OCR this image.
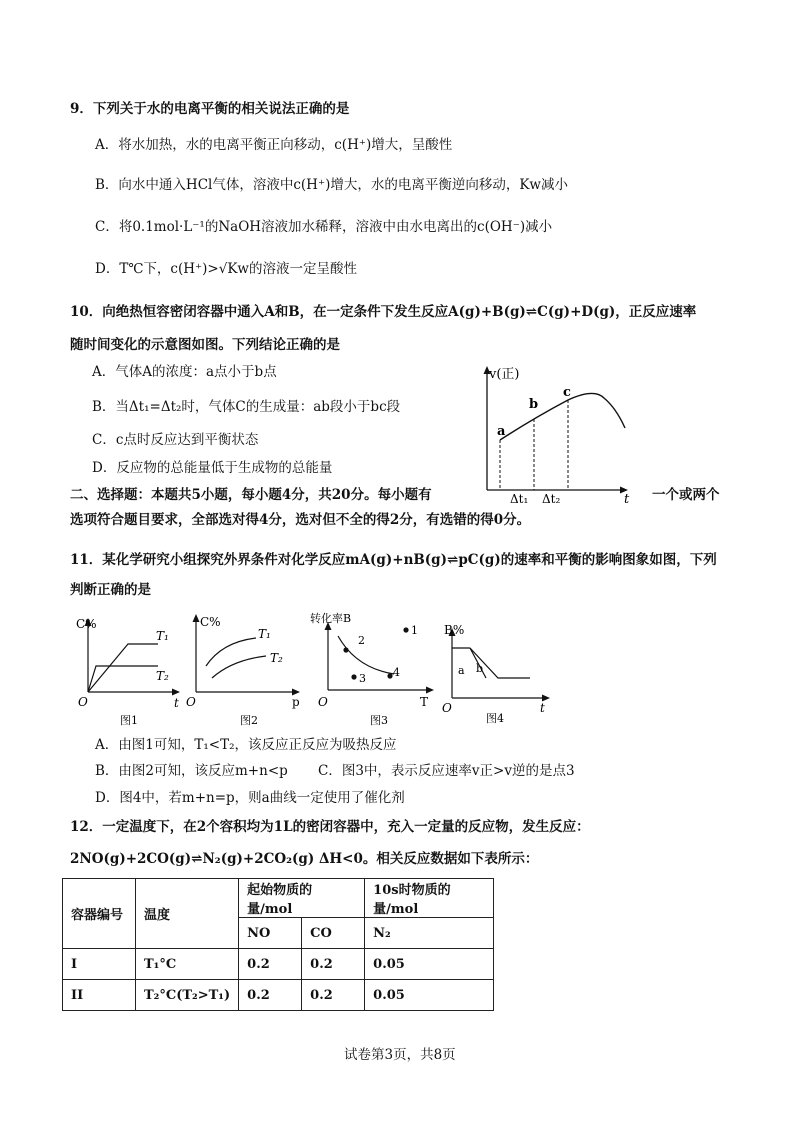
9．下列关于水的电离平衡的相关说法正确的是
A．将水加热，水的电离平衡正向移动，c(H⁺)增大，呈酸性
B．向水中通入HCl气体，溶液中c(H⁺)增大，水的电离平衡逆向移动，Kw减小
C．将0.1mol·L⁻¹的NaOH溶液加水稀释，溶液中由水电离出的c(OH⁻)减小
D．T℃下，c(H⁺)>√Kw的溶液一定呈酸性
10．向绝热恒容密闭容器中通入A和B，在一定条件下发生反应A(g)+B(g)⇌C(g)+D(g)，正反应速率
随时间变化的示意图如图。下列结论正确的是
A．气体A的浓度：a点小于b点
B．当Δt₁=Δt₂时，气体C的生成量：ab段小于bc段
C．c点时反应达到平衡状态
D．反应物的总能量低于生成物的总能量
v(正)
a
b
c
Δt₁ Δt₂	t
二、选择题：本题共5小题，每小题4分，共20分。每小题有	一个或两个
选项符合题目要求，全部选对得4分，选对但不全的得2分，有选错的得0分。
11．某化学研究小组探究外界条件对化学反应mA(g)+nB(g)⇌pC(g)的速率和平衡的影响图象如图，下列
判断正确的是
C%
T₁
T₂
O	t
图1
C%
T₁
T₂
O	p
图2
转化率B
1
2
3 4
O	T
图3
B%
b
a
O	t
图4
A．由图1可知，T₁<T₂，该反应正反应为吸热反应
B．由图2可知，该反应m+n<p C．图3中，表示反应速率v正>v逆的是点3
D．图4中，若m+n=p，则a曲线一定使用了催化剂
12．一定温度下，在2个容积均为1L的密闭容器中，充入一定量的反应物，发生反应：
2NO(g)+2CO(g)⇌N₂(g)+2CO₂(g) ΔH<0。相关反应数据如下表所示：
容器编号	温度	起始物质的量/mol		10s时物质的量/mol
		NO	CO	N₂
I	T₁°C	0.2	0.2	0.05
II	T₂°C(T₂>T₁)	0.2	0.2	0.05
试卷第3页，共8页
